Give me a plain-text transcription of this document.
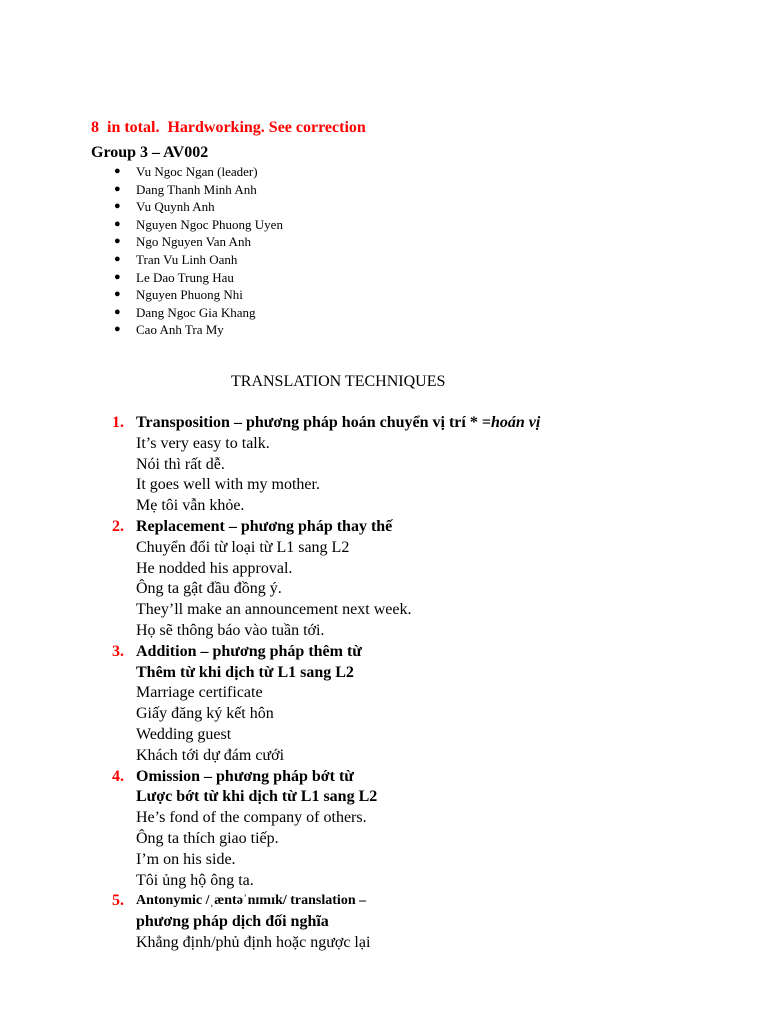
8  in total.  Hardworking. See correction
Group 3 – AV002
● Vu Ngoc Ngan (leader)
● Dang Thanh Minh Anh
● Vu Quynh Anh
● Nguyen Ngoc Phuong Uyen
● Ngo Nguyen Van Anh
● Tran Vu Linh Oanh
● Le Dao Trung Hau
● Nguyen Phuong Nhi
● Dang Ngoc Gia Khang
● Cao Anh Tra My
TRANSLATION TECHNIQUES
1. Transposition – phương pháp hoán chuyển vị trí * =hoán vị
It’s very easy to talk.
Nói thì rất dễ.
It goes well with my mother.
Mẹ tôi vẫn khỏe.
2. Replacement – phương pháp thay thế
Chuyển đổi từ loại từ L1 sang L2
He nodded his approval.
Ông ta gật đầu đồng ý.
They’ll make an announcement next week.
Họ sẽ thông báo vào tuần tới.
3. Addition – phương pháp thêm từ
Thêm từ khi dịch từ L1 sang L2
Marriage certificate
Giấy đăng ký kết hôn
Wedding guest
Khách tới dự đám cưới
4. Omission – phương pháp bớt từ
Lược bớt từ khi dịch từ L1 sang L2
He’s fond of the company of others.
Ông ta thích giao tiếp.
I’m on his side.
Tôi ủng hộ ông ta.
5. Antonymic /ˌæntəˈnɪmɪk/ translation –
phương pháp dịch đối nghĩa
Khẳng định/phủ định hoặc ngược lại
